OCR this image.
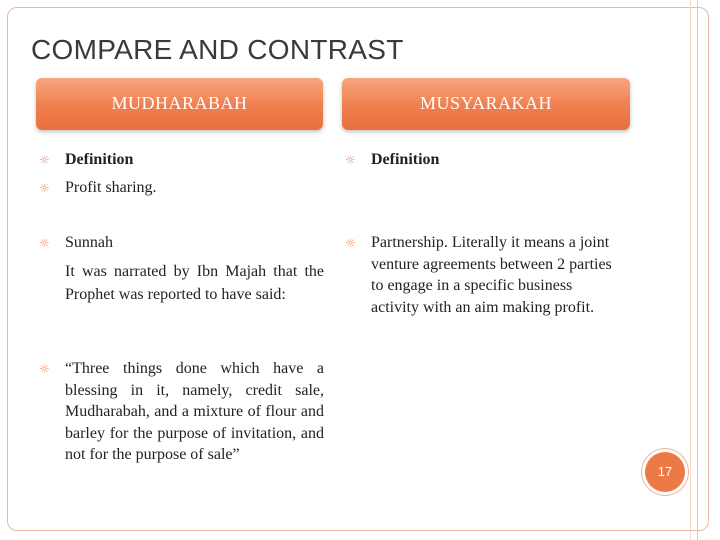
COMPARE AND CONTRAST
MUDHARABAH	MUSYARAKAH
☼ Definition
☼ Profit sharing.
☼ Sunnah
It was narrated by Ibn Majah that the Prophet was reported to have said:
☼ “Three things done which have a blessing in it, namely, credit sale, Mudharabah, and a mixture of flour and barley for the purpose of invitation, and not for the purpose of sale”
☼ Definition
☼ Partnership. Literally it means a joint venture agreements between 2 parties to engage in a specific business activity with an aim making profit.
17
